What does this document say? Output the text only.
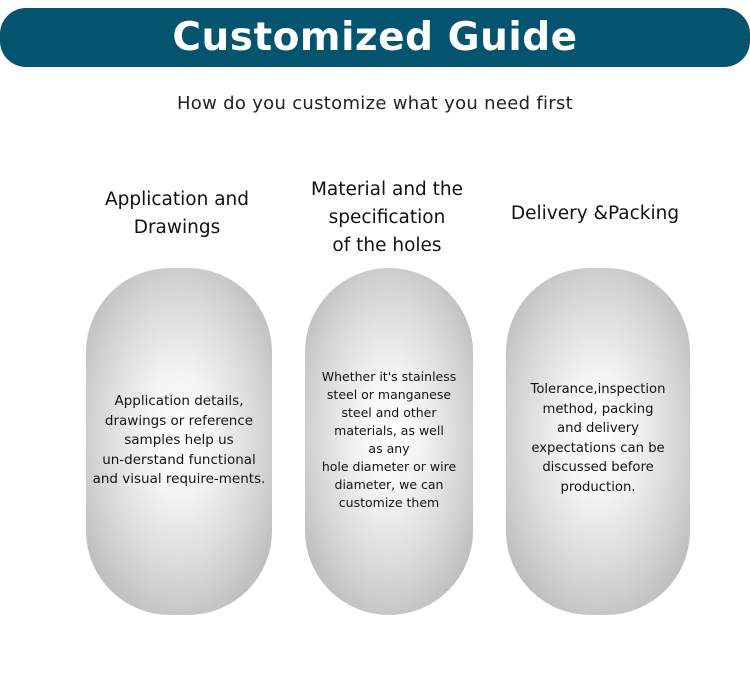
Customized Guide
How do you customize what you need first
Application and
Drawings
Material and the
specification
of the holes
Delivery &Packing
Application details,
drawings or reference
samples help us
un-derstand functional
and visual require-ments.
Whether it's stainless
steel or manganese
steel and other
materials, as well
as any
hole diameter or wire
diameter, we can
customize them
Tolerance,inspection
method, packing
and delivery
expectations can be
discussed before
production.
